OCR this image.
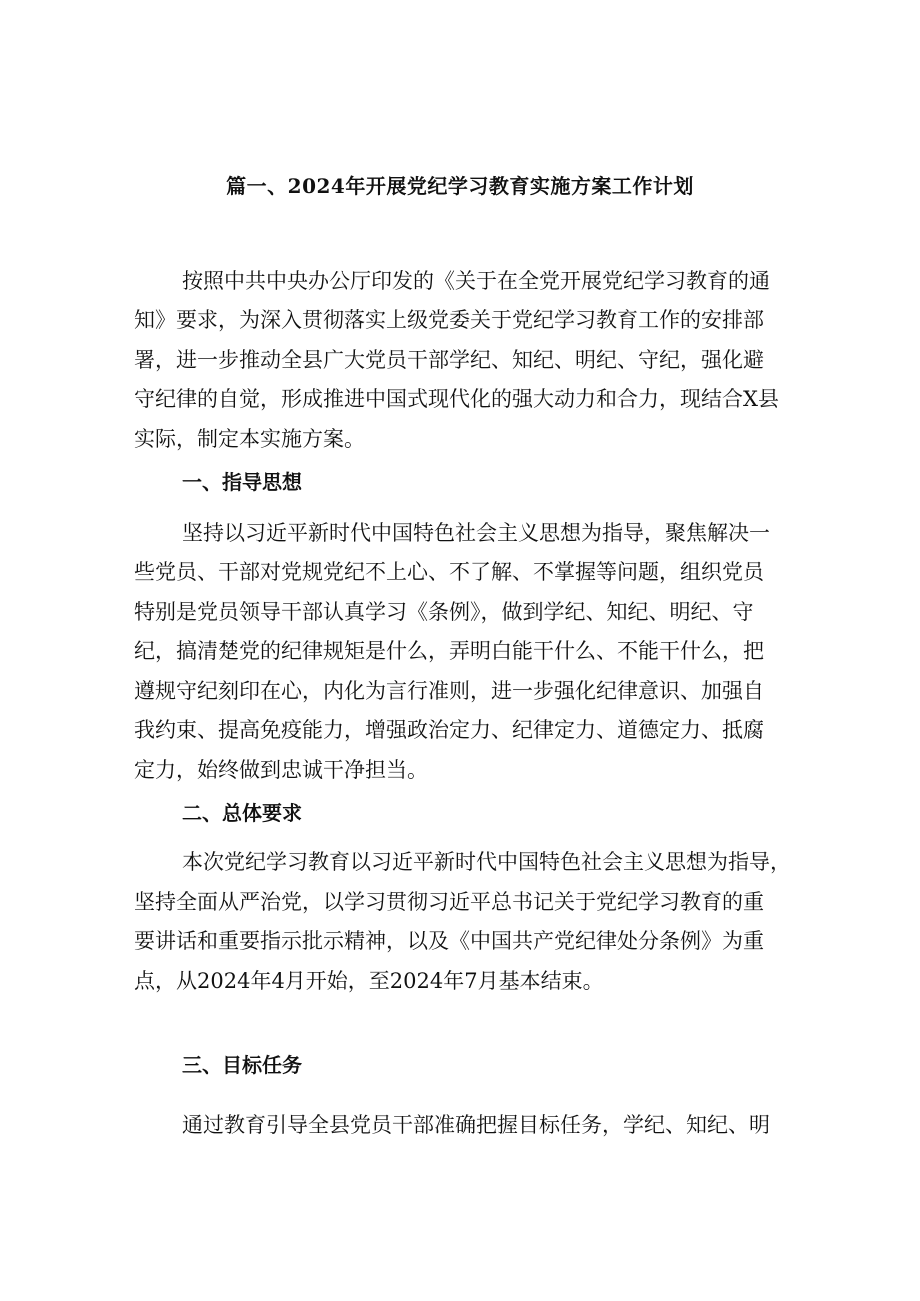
篇一、2024年开展党纪学习教育实施方案工作计划

按照中共中央办公厅印发的《关于在全党开展党纪学习教育的通

知》要求，为深入贯彻落实上级党委关于党纪学习教育工作的安排部

署，进一步推动全县广大党员干部学纪、知纪、明纪、守纪，强化避

守纪律的自觉，形成推进中国式现代化的强大动力和合力，现结合X县

实际，制定本实施方案。

一、指导思想

坚持以习近平新时代中国特色社会主义思想为指导，聚焦解决一

些党员、干部对党规党纪不上心、不了解、不掌握等问题，组织党员

特别是党员领导干部认真学习《条例》，做到学纪、知纪、明纪、守

纪，搞清楚党的纪律规矩是什么，弄明白能干什么、不能干什么，把

遵规守纪刻印在心，内化为言行准则，进一步强化纪律意识、加强自

我约束、提高免疫能力，增强政治定力、纪律定力、道德定力、抵腐

定力，始终做到忠诚干净担当。

二、总体要求

本次党纪学习教育以习近平新时代中国特色社会主义思想为指导，

坚持全面从严治党，以学习贯彻习近平总书记关于党纪学习教育的重

要讲话和重要指示批示精神，以及《中国共产党纪律处分条例》为重

点，从2024年4月开始，至2024年7月基本结束。

三、目标任务

通过教育引导全县党员干部准确把握目标任务，学纪、知纪、明
